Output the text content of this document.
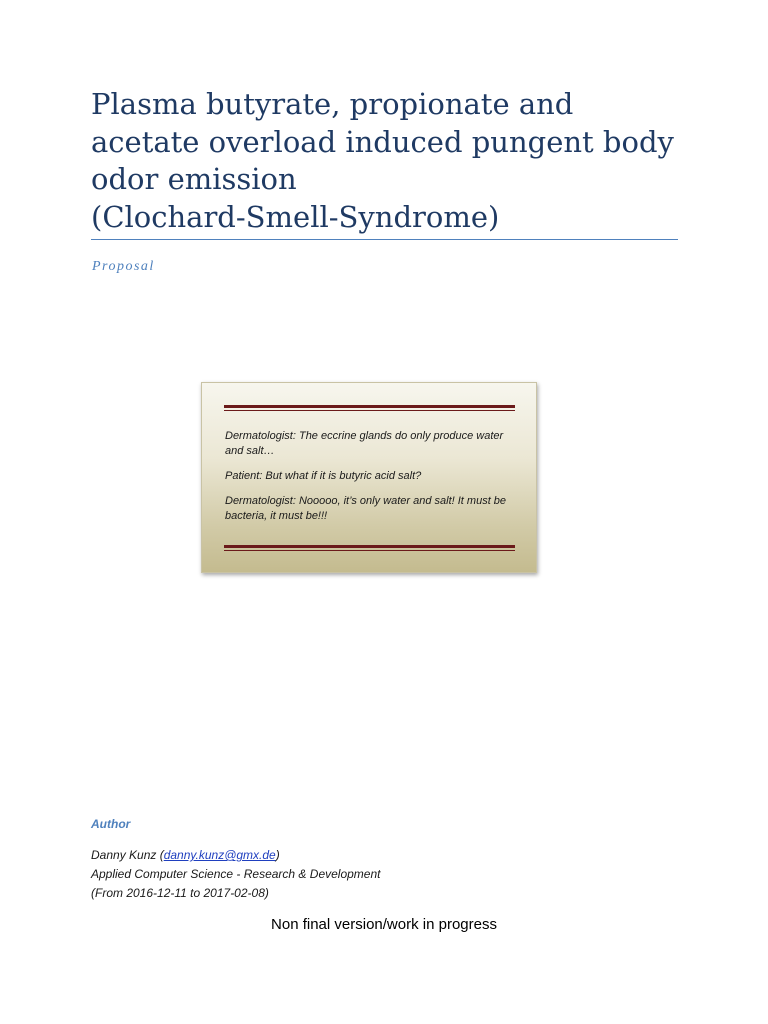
Plasma butyrate, propionate and
acetate overload induced pungent body
odor emission
(Clochard-Smell-Syndrome)
Proposal

Dermatologist: The eccrine glands do only produce water and salt…

Patient: But what if it is butyric acid salt?

Dermatologist: Nooooo, it’s only water and salt! It must be bacteria, it must be!!!

Author
Danny Kunz (danny.kunz@gmx.de)
Applied Computer Science - Research & Development
(From 2016-12-11 to 2017-02-08)
Non final version/work in progress
